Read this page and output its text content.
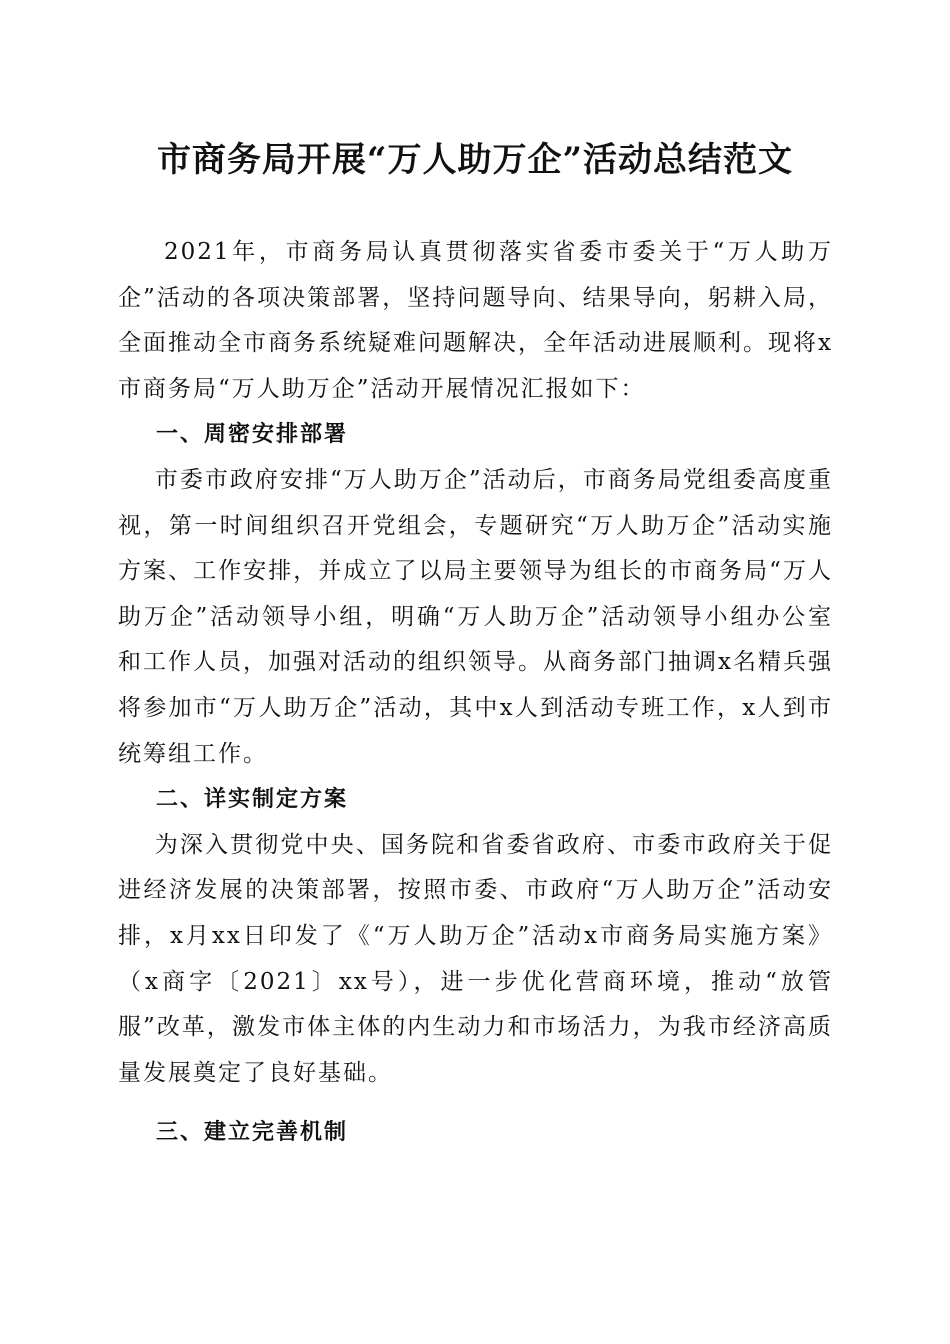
市商务局开展“万人助万企”活动总结范文

2021年，市商务局认真贯彻落实省委市委关于“万人助万企”活动的各项决策部署，坚持问题导向、结果导向，躬耕入局，全面推动全市商务系统疑难问题解决，全年活动进展顺利。现将x市商务局“万人助万企”活动开展情况汇报如下：

一、周密安排部署

市委市政府安排“万人助万企”活动后，市商务局党组委高度重视，第一时间组织召开党组会，专题研究“万人助万企”活动实施方案、工作安排，并成立了以局主要领导为组长的市商务局“万人助万企”活动领导小组，明确“万人助万企”活动领导小组办公室和工作人员，加强对活动的组织领导。从商务部门抽调x名精兵强将参加市“万人助万企”活动，其中x人到活动专班工作，x人到市统筹组工作。

二、详实制定方案

为深入贯彻党中央、国务院和省委省政府、市委市政府关于促进经济发展的决策部署，按照市委、市政府“万人助万企”活动安排，x月xx日印发了《“万人助万企”活动x市商务局实施方案》（x商字〔2021〕xx号），进一步优化营商环境，推动“放管服”改革，激发市体主体的内生动力和市场活力，为我市经济高质量发展奠定了良好基础。

三、建立完善机制
